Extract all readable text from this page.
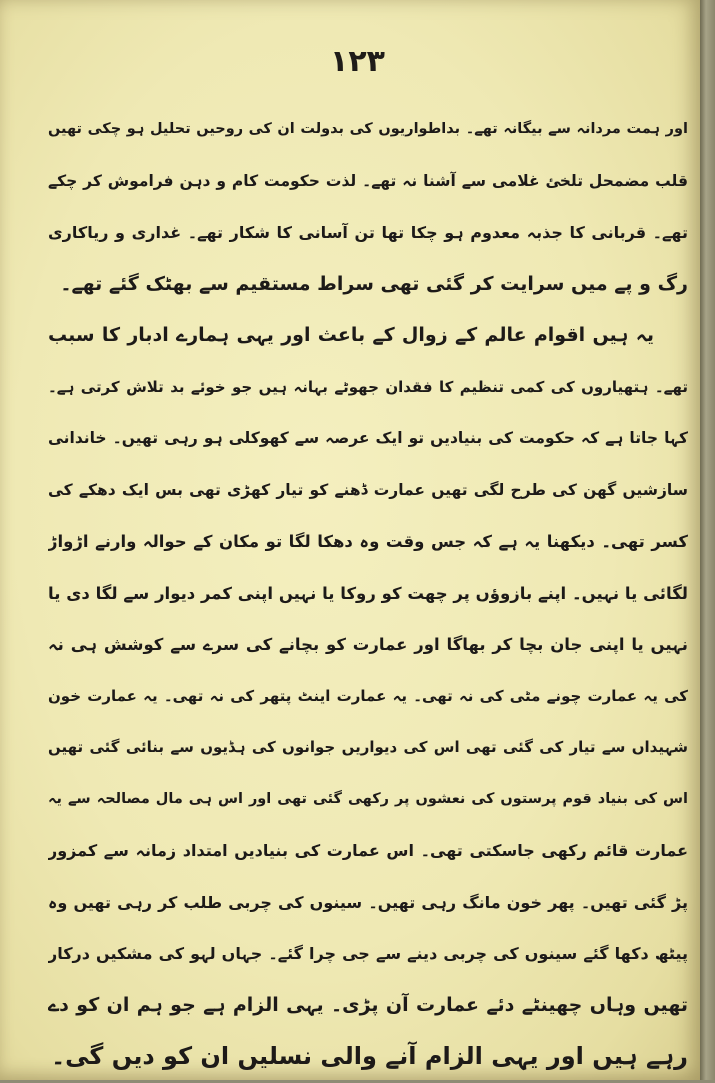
۱۲۳
اور ہمت مردانہ سے بیگانہ تھے۔ بداطواریوں کی بدولت ان کی روحیں تحلیل ہو چکی تھیں
قلب مضمحل تلخئ غلامی سے آشنا نہ تھے۔ لذت حکومت کام و دہن فراموش کر چکے
تھے۔ قربانی کا جذبہ معدوم ہو چکا تھا تن آسانی کا شکار تھے۔ غداری و ریاکاری
رگ و پے میں سرایت کر گئی تھی سراط مستقیم سے بھٹک گئے تھے۔
یہ ہیں اقوام عالم کے زوال کے باعث اور یہی ہمارے ادبار کا سبب
تھے۔ ہتھیاروں کی کمی تنظیم کا فقدان جھوٹے بہانہ ہیں جو خوئے بد تلاش کرتی ہے۔
کہا جاتا ہے کہ حکومت کی بنیادیں تو ایک عرصہ سے کھوکلی ہو رہی تھیں۔ خاندانی
سازشیں گھن کی طرح لگی تھیں عمارت ڈھنے کو تیار کھڑی تھی بس ایک دھکے کی
کسر تھی۔ دیکھنا یہ ہے کہ جس وقت وہ دھکا لگا تو مکان کے حوالہ وارنے اڑواڑ
لگائی یا نہیں۔ اپنے بازوؤں پر چھت کو روکا یا نہیں اپنی کمر دیوار سے لگا دی یا
نہیں یا اپنی جان بچا کر بھاگا اور عمارت کو بچانے کی سرے سے کوشش ہی نہ
کی یہ عمارت چونے مٹی کی نہ تھی۔ یہ عمارت اینٹ پتھر کی نہ تھی۔ یہ عمارت خون
شہیداں سے تیار کی گئی تھی اس کی دیواریں جوانوں کی ہڈیوں سے بنائی گئی تھیں
اس کی بنیاد قوم پرستوں کی نعشوں پر رکھی گئی تھی اور اس ہی مال مصالحہ سے یہ
عمارت قائم رکھی جاسکتی تھی۔ اس عمارت کی بنیادیں امتداد زمانہ سے کمزور
پڑ گئی تھیں۔ پھر خون مانگ رہی تھیں۔ سینوں کی چربی طلب کر رہی تھیں وہ
پیٹھ دکھا گئے سینوں کی چربی دینے سے جی چرا گئے۔ جہاں لہو کی مشکیں درکار
تھیں وہاں چھینٹے دئے عمارت آن پڑی۔ یہی الزام ہے جو ہم ان کو دے
رہے ہیں اور یہی الزام آنے والی نسلیں ان کو دیں گی۔
